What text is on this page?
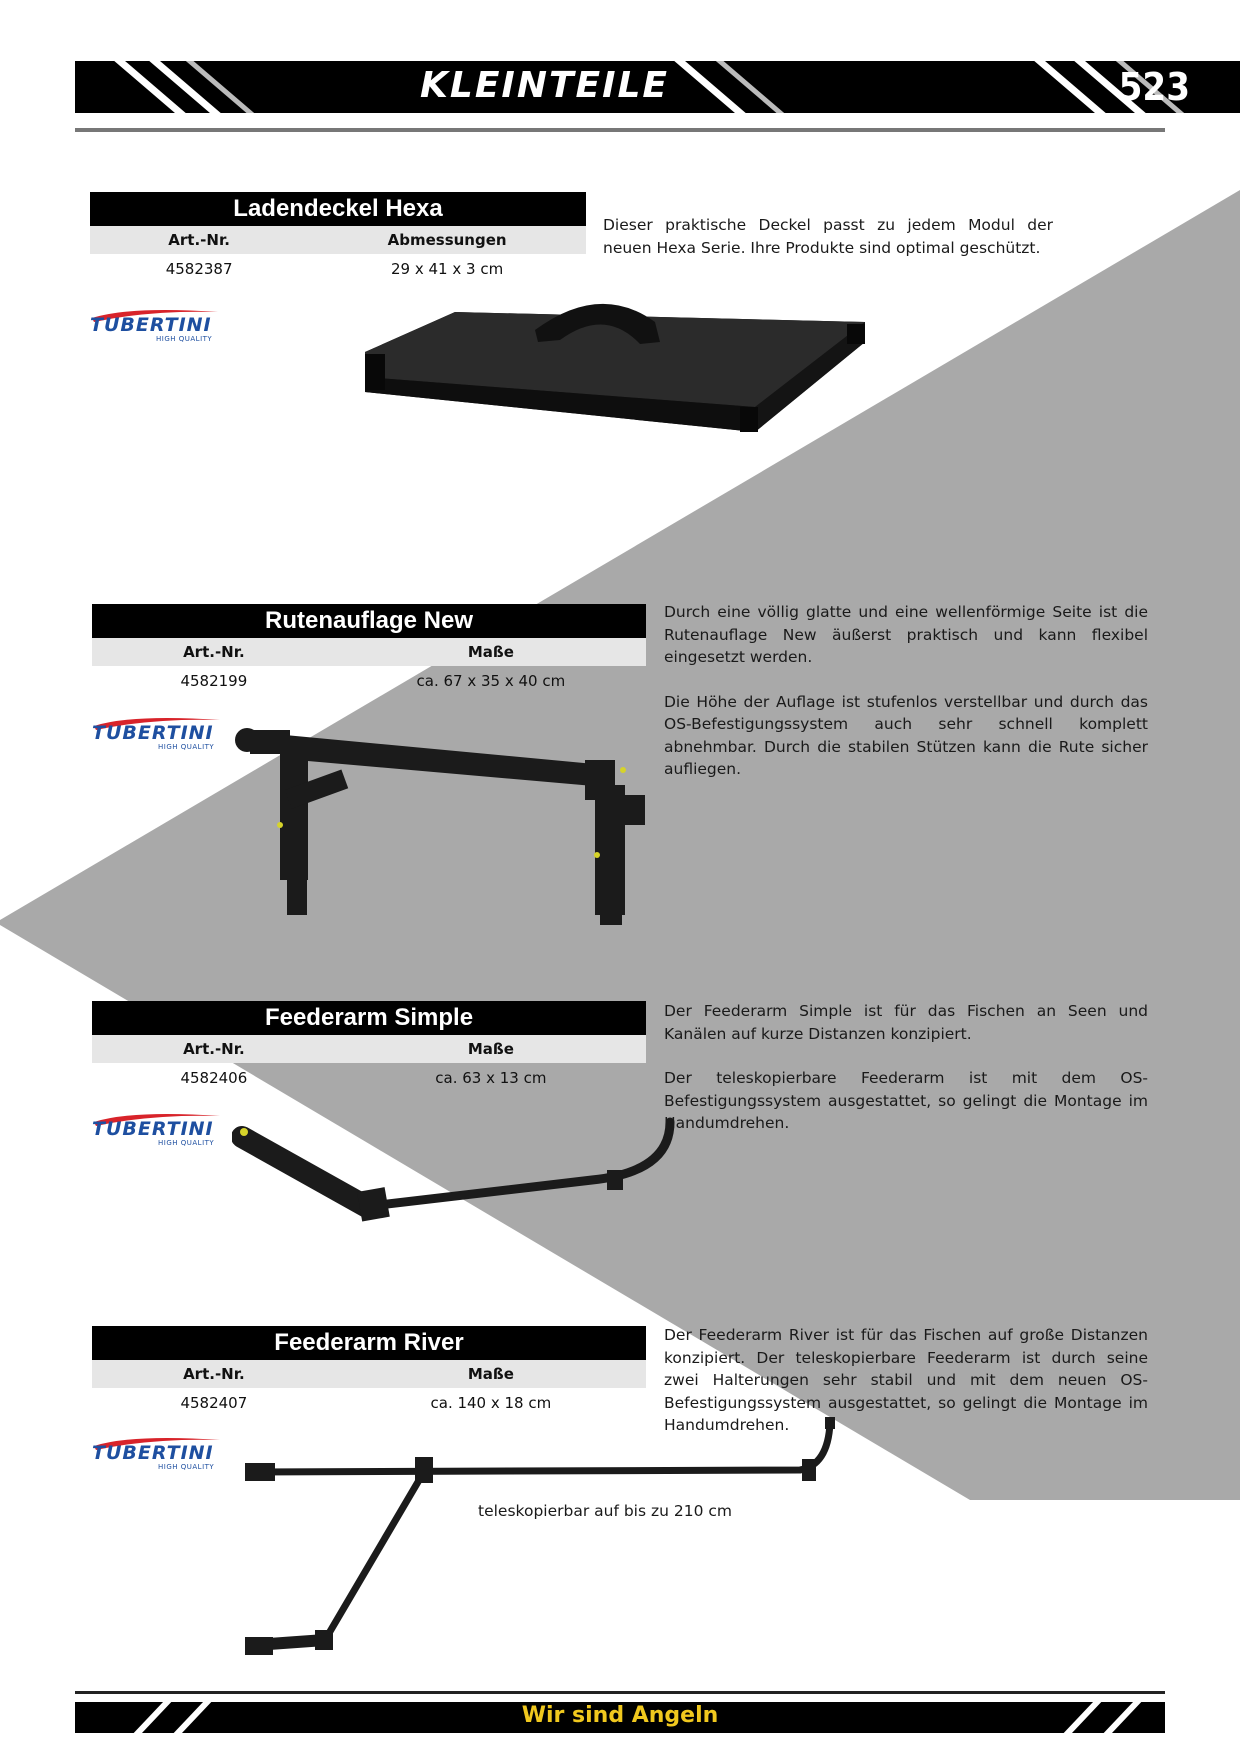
KLEINTEILE	523
Ladendeckel Hexa
Art.-Nr.	Abmessungen
4582387	29 x 41 x 3 cm

Dieser praktische Deckel passt zu jedem Modul der neuen Hexa Serie. Ihre Produkte sind optimal geschützt.

TUBERTINI
HIGH QUALITY
Rutenauflage New
Art.-Nr.	Maße
4582199	ca. 67 x 35 x 40 cm

Durch eine völlig glatte und eine wellenförmige Seite ist die Rutenauflage New äußerst praktisch und kann flexibel eingesetzt werden.

Die Höhe der Auflage ist stufenlos verstellbar und durch das OS-Befestigungssystem auch sehr schnell komplett abnehmbar. Durch die stabilen Stützen kann die Rute sicher aufliegen.

TUBERTINI
HIGH QUALITY
Feederarm Simple
Art.-Nr.	Maße
4582406	ca. 63 x 13 cm

Der Feederarm Simple ist für das Fischen an Seen und Kanälen auf kurze Distanzen konzipiert.

Der teleskopierbare Feederarm ist mit dem OS-Befestigungssystem ausgestattet, so gelingt die Montage im Handumdrehen.

TUBERTINI
HIGH QUALITY
Feederarm River
Art.-Nr.	Maße
4582407	ca. 140 x 18 cm

Der Feederarm River ist für das Fischen auf große Distanzen konzipiert. Der teleskopierbare Feederarm ist durch seine zwei Halterungen sehr stabil und mit dem neuen OS-Befestigungssystem ausgestattet, so gelingt die Montage im Handumdrehen.

TUBERTINI
HIGH QUALITY
teleskopierbar auf bis zu 210 cm
Wir sind Angeln
